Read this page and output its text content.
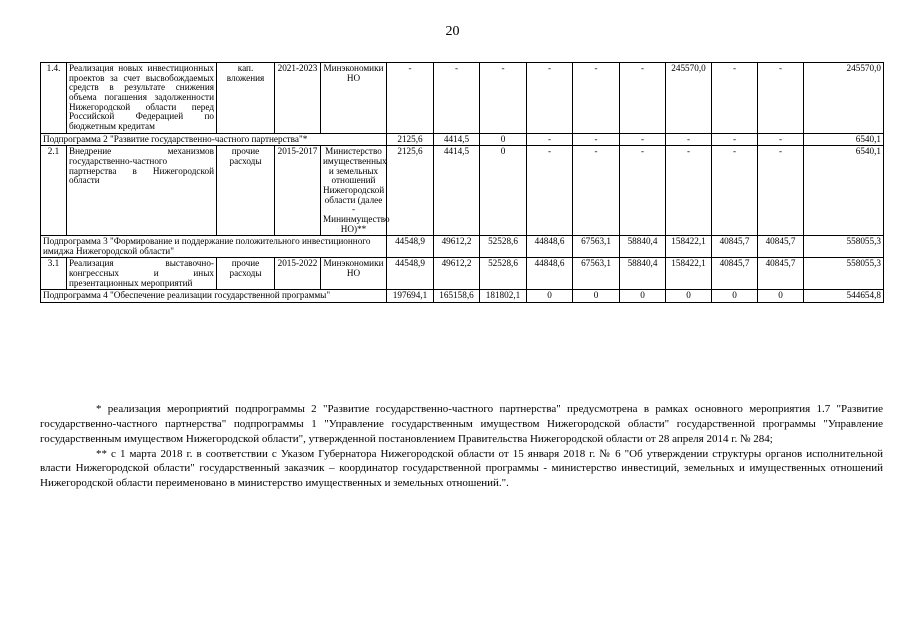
20
1.4.	Реализация новых инвестиционных проектов за счет высвобождаемых средств в результате снижения объема погашения задолженности Нижегородской области перед Российской Федерацией по бюджетным кредитам	кап. вложения	2021-2023	Минэкономики НО	-	-	-	-	-	-	245570,0	-	-	245570,0
Подпрограмма 2 "Развитие государственно-частного партнерства"*					2125,6	4414,5	0	-	-	-	-	-	-	6540,1
2.1	Внедрение механизмов государственно-частного партнерства в Нижегородской области	прочие расходы	2015-2017	Министерство имущественных и земельных отношений Нижегородской области (далее - Мининмущество НО)**	2125,6	4414,5	0	-	-	-	-	-	-	6540,1
Подпрограмма 3 "Формирование и поддержание положительного инвестиционного имиджа Нижегородской области"					44548,9	49612,2	52528,6	44848,6	67563,1	58840,4	158422,1	40845,7	40845,7	558055,3
3.1	Реализация выставочно-конгрессных и иных презентационных мероприятий	прочие расходы	2015-2022	Минэкономики НО	44548,9	49612,2	52528,6	44848,6	67563,1	58840,4	158422,1	40845,7	40845,7	558055,3
Подпрограмма 4 "Обеспечение реализации государственной программы"					197694,1	165158,6	181802,1	0	0	0	0	0	0	544654,8

* реализация мероприятий подпрограммы 2 "Развитие государственно-частного партнерства" предусмотрена в рамках основного мероприятия 1.7 "Развитие государственно-частного партнерства" подпрограммы 1 "Управление государственным имуществом Нижегородской области" государственной программы "Управление государственным имуществом Нижегородской области", утвержденной постановлением Правительства Нижегородской области от 28 апреля 2014 г. № 284;

** с 1 марта 2018 г. в соответствии с Указом Губернатора Нижегородской области от 15 января 2018 г. № 6 "Об утверждении структуры органов исполнительной власти Нижегородской области" государственный заказчик – координатор государственной программы - министерство инвестиций, земельных и имущественных отношений Нижегородской области переименовано в министерство имущественных и земельных отношений.".
